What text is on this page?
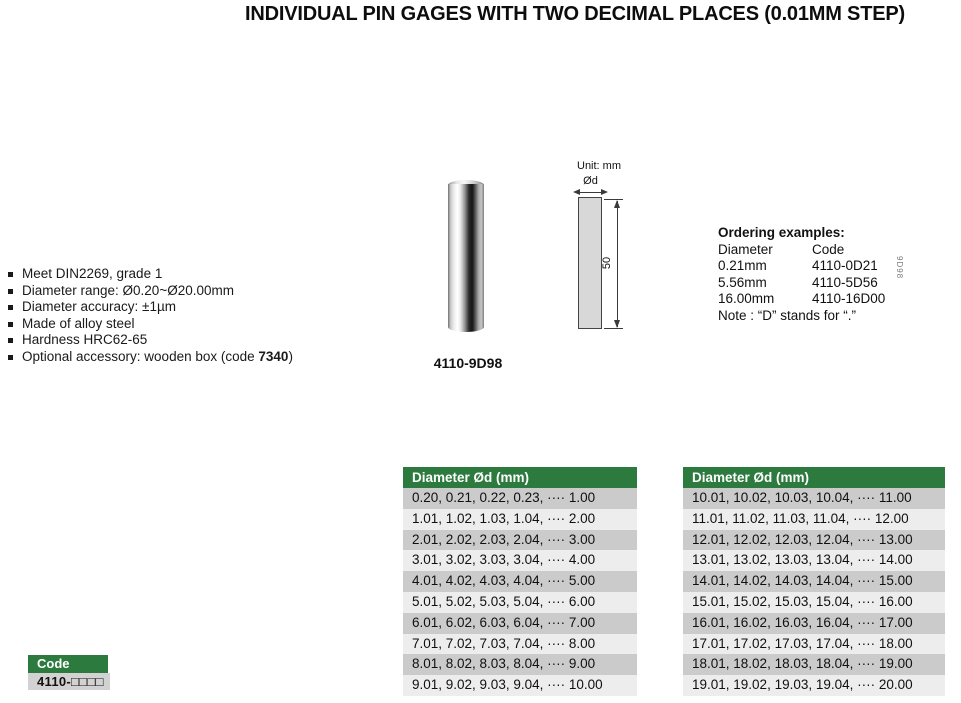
INDIVIDUAL PIN GAGES WITH TWO DECIMAL PLACES (0.01MM STEP)
Meet DIN2269, grade 1
Diameter range: Ø0.20~Ø20.00mm
Diameter accuracy: ±1µm
Made of alloy steel
Hardness HRC62-65
Optional accessory: wooden box (code 7340)
9D98
4110-9D98
Unit: mm
Ød
50
Ordering examples:
Diameter	Code
0.21mm	4110-0D21
5.56mm	4110-5D56
16.00mm	4110-16D00
Note : “D” stands for “.”
Code
4110-□□□□
Diameter Ød (mm)
0.20, 0.21, 0.22, 0.23, ···· 1.00
1.01, 1.02, 1.03, 1.04, ···· 2.00
2.01, 2.02, 2.03, 2.04, ···· 3.00
3.01, 3.02, 3.03, 3.04, ···· 4.00
4.01, 4.02, 4.03, 4.04, ···· 5.00
5.01, 5.02, 5.03, 5.04, ···· 6.00
6.01, 6.02, 6.03, 6.04, ···· 7.00
7.01, 7.02, 7.03, 7.04, ···· 8.00
8.01, 8.02, 8.03, 8.04, ···· 9.00
9.01, 9.02, 9.03, 9.04, ···· 10.00
Diameter Ød (mm)
10.01, 10.02, 10.03, 10.04, ···· 11.00
11.01, 11.02, 11.03, 11.04, ···· 12.00
12.01, 12.02, 12.03, 12.04, ···· 13.00
13.01, 13.02, 13.03, 13.04, ···· 14.00
14.01, 14.02, 14.03, 14.04, ···· 15.00
15.01, 15.02, 15.03, 15.04, ···· 16.00
16.01, 16.02, 16.03, 16.04, ···· 17.00
17.01, 17.02, 17.03, 17.04, ···· 18.00
18.01, 18.02, 18.03, 18.04, ···· 19.00
19.01, 19.02, 19.03, 19.04, ···· 20.00
